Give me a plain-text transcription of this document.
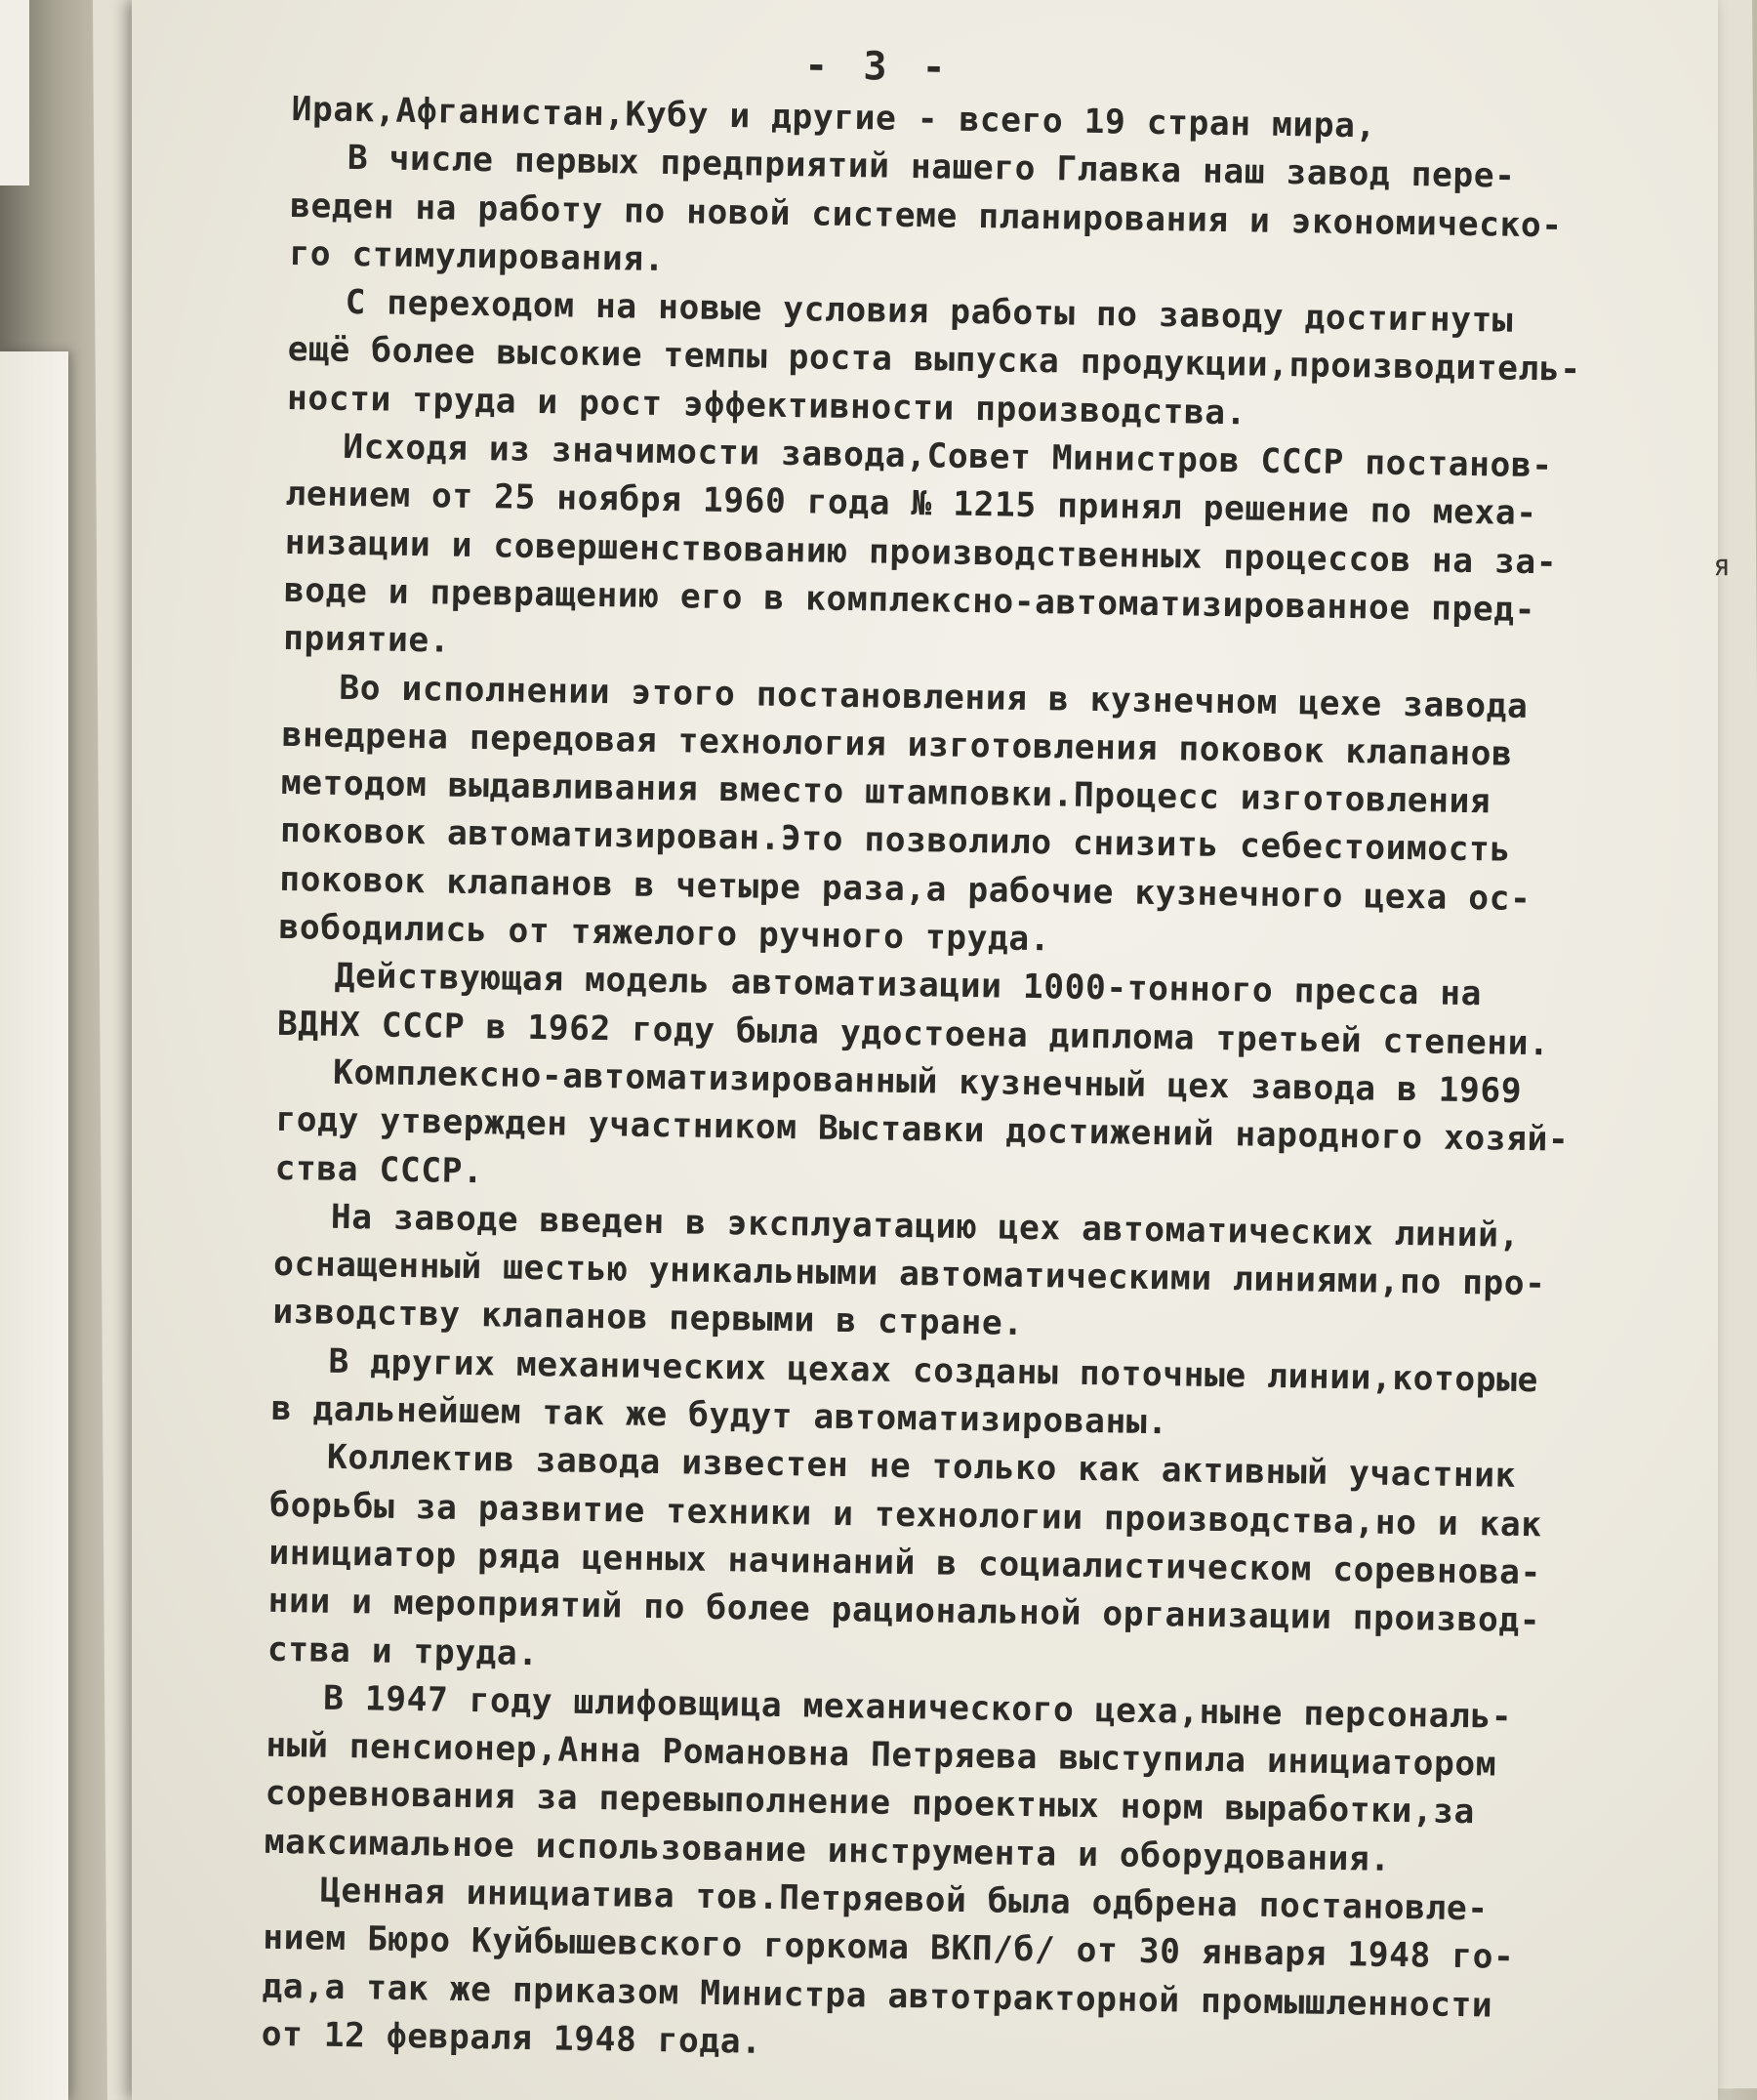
я
- 3 -
Ирак,Афганистан,Кубу и другие - всего 19 стран мира,
В числе первых предприятий нашего Главка наш завод пере-
веден на работу по новой системе планирования и экономическо-
го стимулирования.
С переходом на новые условия работы по заводу достигнуты
ещё более высокие темпы роста выпуска продукции,производитель-
ности труда и рост эффективности производства.
Исходя из значимости завода,Совет Министров СССР постанов-
лением от 25 ноября 1960 года № 1215 принял решение по меха-
низации и совершенствованию производственных процессов на за-
воде и превращению его в комплексно-автоматизированное пред-
приятие.
Во исполнении этого постановления в кузнечном цехе завода
внедрена передовая технология изготовления поковок клапанов
методом выдавливания вместо штамповки.Процесс изготовления
поковок автоматизирован.Это позволило снизить себестоимость
поковок клапанов в четыре раза,а рабочие кузнечного цеха ос-
вободились от тяжелого ручного труда.
Действующая модель автоматизации 1000-тонного пресса на
ВДНХ СССР в 1962 году была удостоена диплома третьей степени.
Комплексно-автоматизированный кузнечный цех завода в 1969
году утвержден участником Выставки достижений народного хозяй-
ства СССР.
На заводе введен в эксплуатацию цех автоматических линий,
оснащенный шестью уникальными автоматическими линиями,по про-
изводству клапанов первыми в стране.
В других механических цехах созданы поточные линии,которые
в дальнейшем так же будут автоматизированы.
Коллектив завода известен не только как активный участник
борьбы за развитие техники и технологии производства,но и как
инициатор ряда ценных начинаний в социалистическом соревнова-
нии и мероприятий по более рациональной организации производ-
ства и труда.
В 1947 году шлифовщица механического цеха,ныне персональ-
ный пенсионер,Анна Романовна Петряева выступила инициатором
соревнования за перевыполнение проектных норм выработки,за
максимальное использование инструмента и оборудования.
Ценная инициатива тов.Петряевой была одбрена постановле-
нием Бюро Куйбышевского горкома ВКП/б/ от 30 января 1948 го-
да,а так же приказом Министра автотракторной промышленности
от 12 февраля 1948 года.
